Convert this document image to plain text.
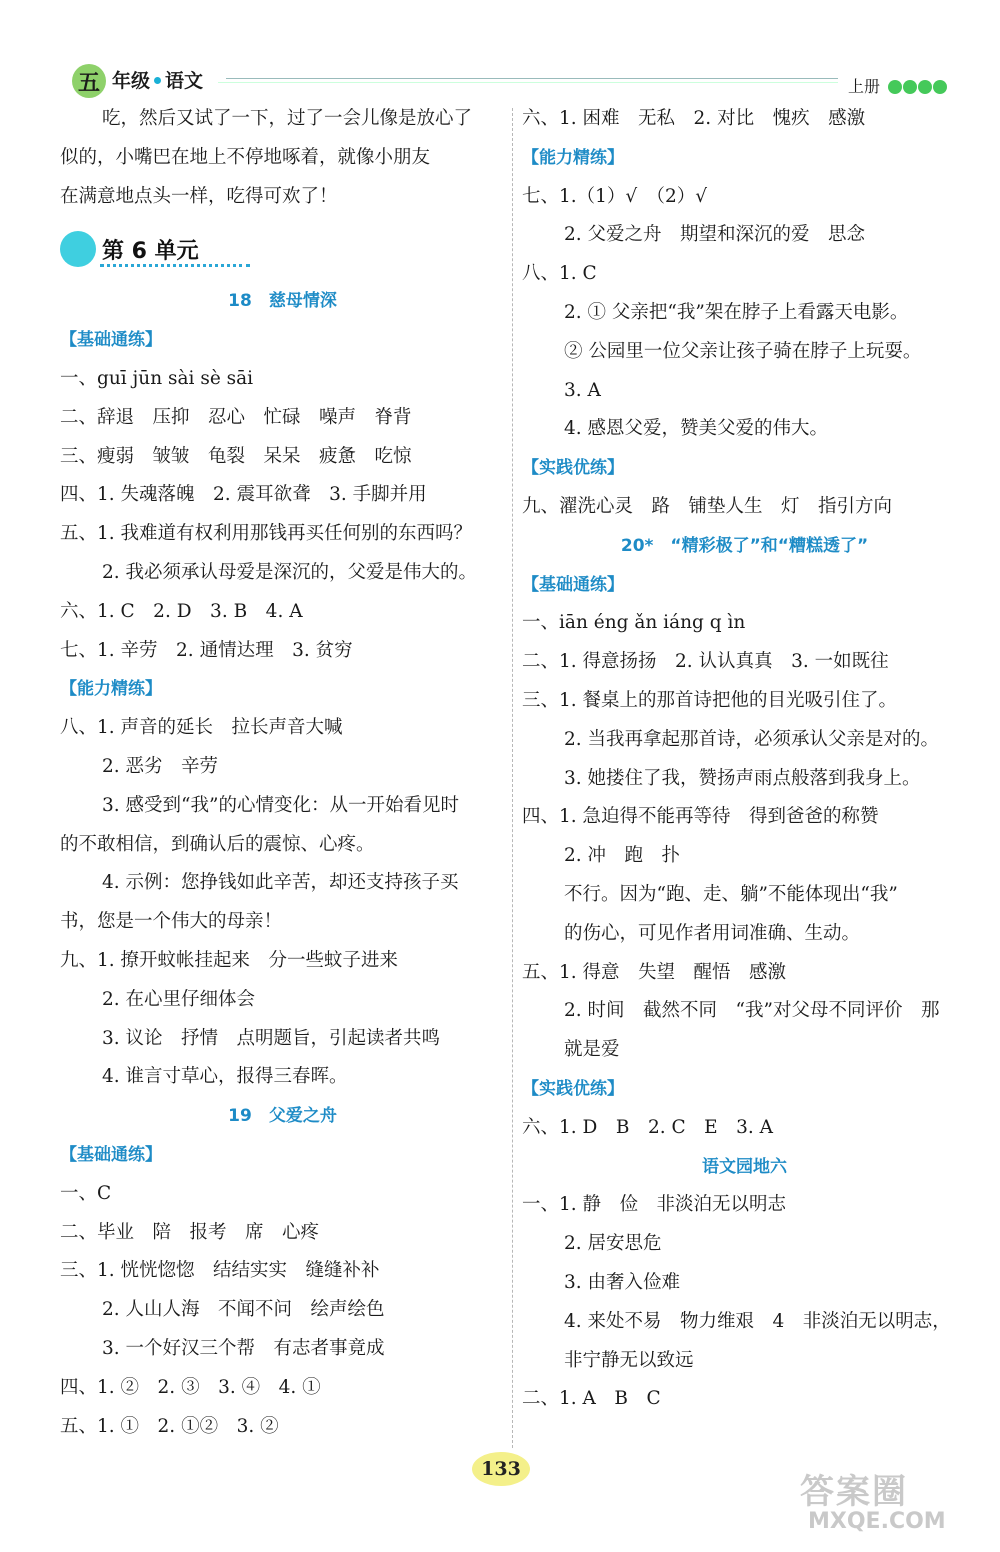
五 年级 语文	上册
吃，然后又试了一下，过了一会儿像是放心了
似的，小嘴巴在地上不停地啄着，就像小朋友
在满意地点头一样，吃得可欢了！
第 6 单元
18　慈母情深
【基础通练】
一、guī jūn sài sè sāi
二、辞退　压抑　忍心　忙碌　噪声　脊背
三、瘦弱　皱皱　龟裂　呆呆　疲惫　吃惊
四、1. 失魂落魄　2. 震耳欲聋　3. 手脚并用
五、1. 我难道有权利用那钱再买任何别的东西吗？
2. 我必须承认母爱是深沉的，父爱是伟大的。
六、1. C　2. D　3. B　4. A
七、1. 辛劳　2. 通情达理　3. 贫穷
【能力精练】
八、1. 声音的延长　拉长声音大喊
2. 恶劣　辛劳
3. 感受到“我”的心情变化：从一开始看见时
的不敢相信，到确认后的震惊、心疼。
4. 示例：您挣钱如此辛苦，却还支持孩子买
书，您是一个伟大的母亲！
九、1. 撩开蚊帐挂起来　分一些蚊子进来
2. 在心里仔细体会
3. 议论　抒情　点明题旨，引起读者共鸣
4. 谁言寸草心，报得三春晖。
19　父爱之舟
【基础通练】
一、C
二、毕业　陪　报考　席　心疼
三、1. 恍恍惚惚　结结实实　缝缝补补
2. 人山人海　不闻不问　绘声绘色
3. 一个好汉三个帮　有志者事竟成
四、1. ②　2. ③　3. ④　4. ①
五、1. ①　2. ①②　3. ②
六、1. 困难　无私　2. 对比　愧疚　感激
【能力精练】
七、1.（1）√　（2）√
2. 父爱之舟　期望和深沉的爱　思念
八、1. C
2. ① 父亲把“我”架在脖子上看露天电影。
② 公园里一位父亲让孩子骑在脖子上玩耍。
3. A
4. 感恩父爱，赞美父爱的伟大。
【实践优练】
九、濯洗心灵　路　铺垫人生　灯　指引方向
20*　“精彩极了”和“糟糕透了”
【基础通练】
一、iān éng ǎn iáng q ìn
二、1. 得意扬扬　2. 认认真真　3. 一如既往
三、1. 餐桌上的那首诗把他的目光吸引住了。
2. 当我再拿起那首诗，必须承认父亲是对的。
3. 她搂住了我，赞扬声雨点般落到我身上。
四、1. 急迫得不能再等待　得到爸爸的称赞
2. 冲　跑　扑
不行。因为“跑、走、躺”不能体现出“我”
的伤心，可见作者用词准确、生动。
五、1. 得意　失望　醒悟　感激
2. 时间　截然不同　“我”对父母不同评价　那
就是爱
【实践优练】
六、1. D　B　2. C　E　3. A
语文园地六
一、1. 静　俭　非淡泊无以明志
2. 居安思危
3. 由奢入俭难
4. 来处不易　物力维艰　4　非淡泊无以明志，
非宁静无以致远
二、1. A　B　C
133
答案圈
MXQE.COM
